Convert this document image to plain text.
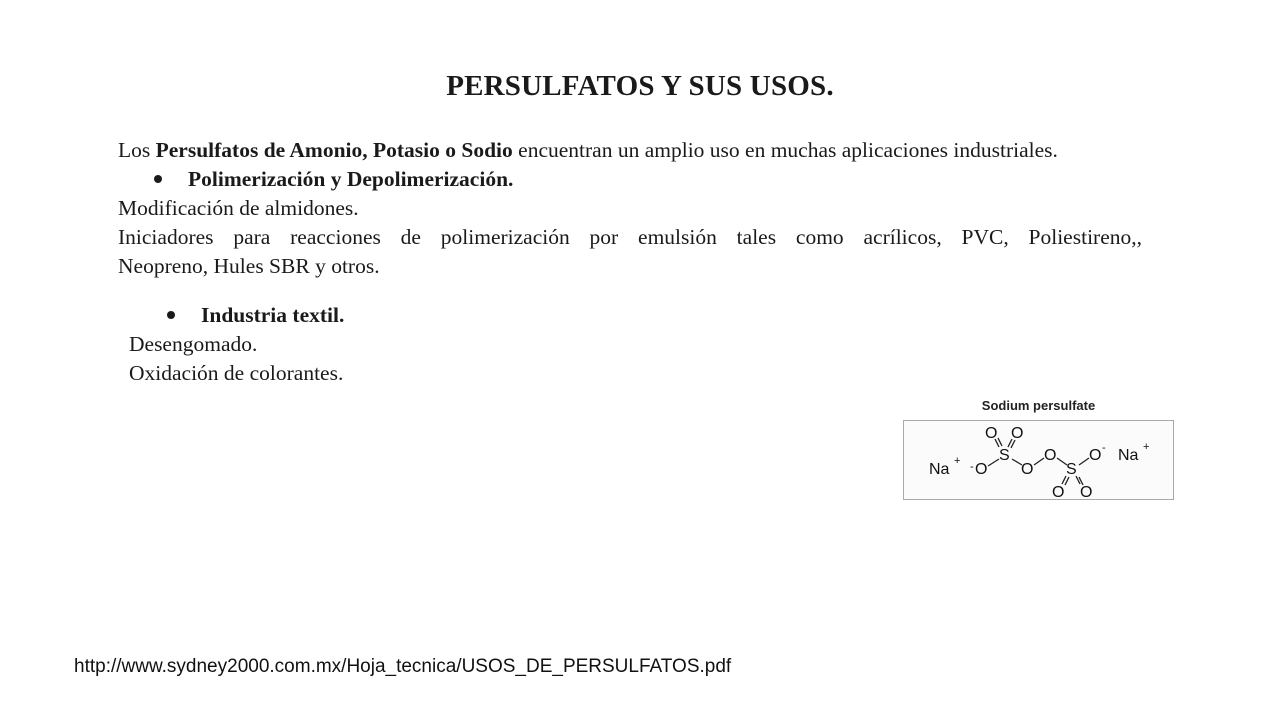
PERSULFATOS Y SUS USOS.
Los Persulfatos de Amonio, Potasio o Sodio encuentran un amplio uso en muchas aplicaciones industriales.
Polimerización y Depolimerización.
Modificación de almidones.
Iniciadores para reacciones de polimerización por emulsión tales como acrílicos, PVC, Poliestireno,,
Neopreno, Hules SBR y otros.
Industria textil.
Desengomado.
Oxidación de colorantes.
Sodium persulfate
Na + - O
S
O O
O
O
S
O O
O - Na +
http://www.sydney2000.com.mx/Hoja_tecnica/USOS_DE_PERSULFATOS.pdf
